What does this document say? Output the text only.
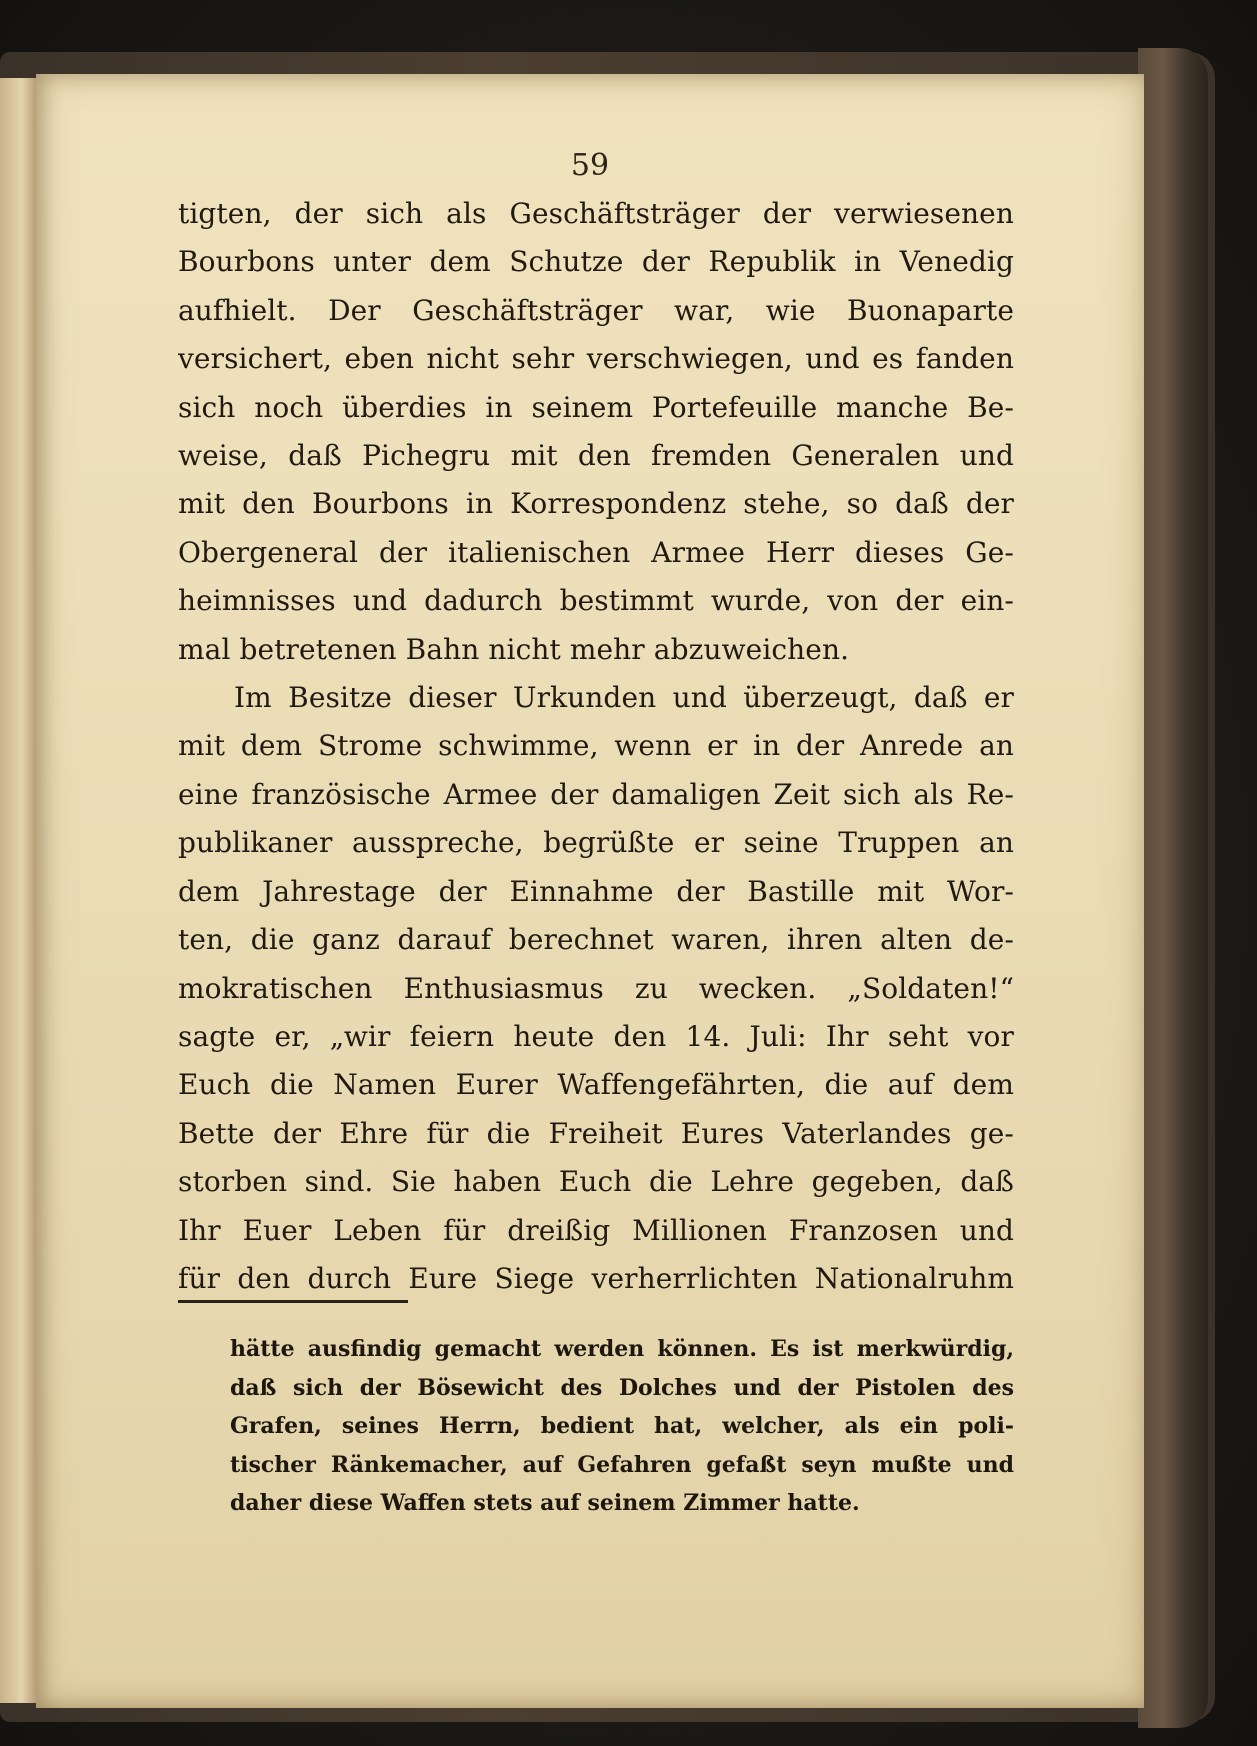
59
tigten, der sich als Geschäftsträger der verwiesenen
Bourbons unter dem Schutze der Republik in Venedig
aufhielt. Der Geschäftsträger war, wie Buonaparte
versichert, eben nicht sehr verschwiegen, und es fanden
sich noch überdies in seinem Portefeuille manche Be-
weise, daß Pichegru mit den fremden Generalen und
mit den Bourbons in Korrespondenz stehe, so daß der
Obergeneral der italienischen Armee Herr dieses Ge-
heimnisses und dadurch bestimmt wurde, von der ein-
mal betretenen Bahn nicht mehr abzuweichen.
Im Besitze dieser Urkunden und überzeugt, daß er
mit dem Strome schwimme, wenn er in der Anrede an
eine französische Armee der damaligen Zeit sich als Re-
publikaner ausspreche, begrüßte er seine Truppen an
dem Jahrestage der Einnahme der Bastille mit Wor-
ten, die ganz darauf berechnet waren, ihren alten de-
mokratischen Enthusiasmus zu wecken. „Soldaten!“
sagte er, „wir feiern heute den 14. Juli: Ihr seht vor
Euch die Namen Eurer Waffengefährten, die auf dem
Bette der Ehre für die Freiheit Eures Vaterlandes ge-
storben sind. Sie haben Euch die Lehre gegeben, daß
Ihr Euer Leben für dreißig Millionen Franzosen und
für den durch Eure Siege verherrlichten Nationalruhm
hätte ausfindig gemacht werden können. Es ist merkwürdig,
daß sich der Bösewicht des Dolches und der Pistolen des
Grafen, seines Herrn, bedient hat, welcher, als ein poli-
tischer Ränkemacher, auf Gefahren gefaßt seyn mußte und
daher diese Waffen stets auf seinem Zimmer hatte.
